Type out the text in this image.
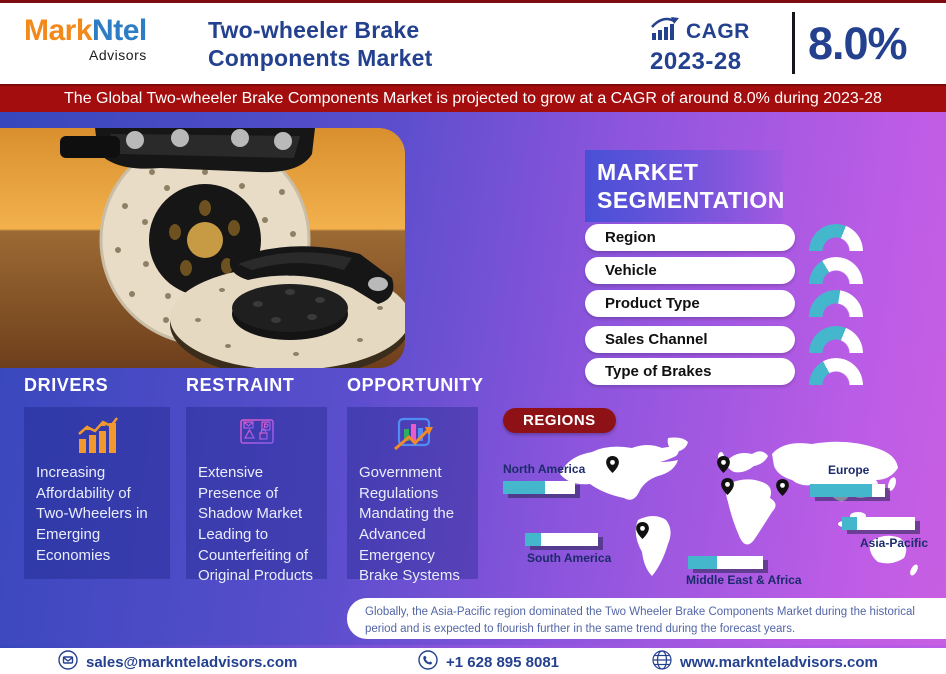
MarkNtel
Advisors
Two-wheeler Brake
Components Market
CAGR
2023-28 8.0%
The Global Two-wheeler Brake Components Market is projected to grow at a CAGR of around 8.0% during 2023-28
MARKET
SEGMENTATION
Region
Vehicle
Product Type
Sales Channel
Type of Brakes
DRIVERS
Increasing Affordability of Two-Wheelers in Emerging Economies
RESTRAINT
Extensive Presence of Shadow Market Leading to Counterfeiting of Original Products
OPPORTUNITY
Government Regulations Mandating the Advanced Emergency Brake Systems
REGIONS
North America	Europe
South America
Middle East & Africa
Asia-Pacific
Globally, the Asia-Pacific region dominated the Two Wheeler Brake Components Market during the historical period and is expected to flourish further in the same trend during the forecast years.
sales@marknteladvisors.com	+1 628 895 8081	www.marknteladvisors.com
